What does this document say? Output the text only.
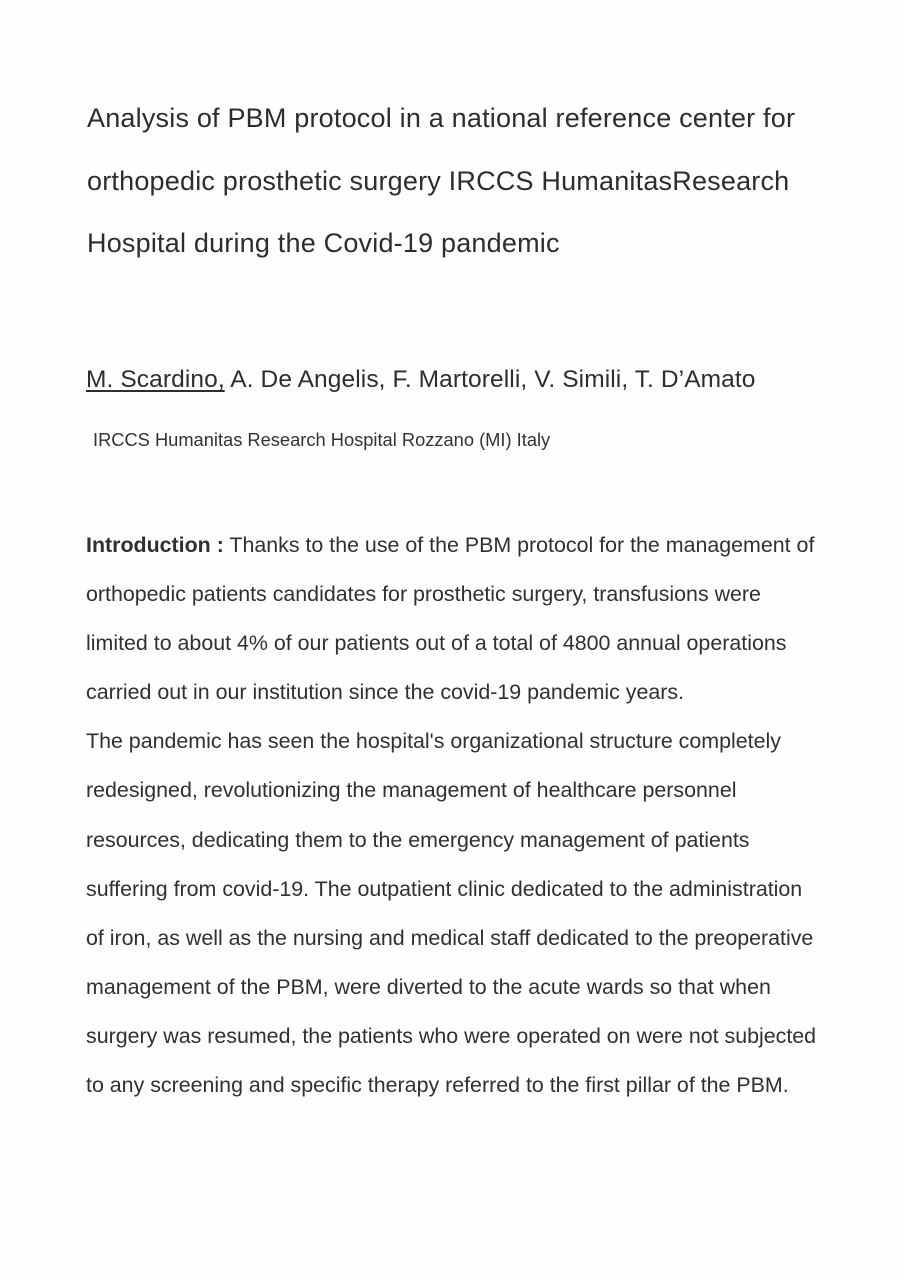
Analysis of PBM protocol in a national reference center for
orthopedic prosthetic surgery IRCCS HumanitasResearch
Hospital during the Covid-19 pandemic
M. Scardino, A. De Angelis, F. Martorelli, V. Simili, T. D’Amato
IRCCS Humanitas Research Hospital Rozzano (MI) Italy
Introduction : Thanks to the use of the PBM protocol for the management of
orthopedic patients candidates for prosthetic surgery, transfusions were
limited to about 4% of our patients out of a total of 4800 annual operations
carried out in our institution since the covid-19 pandemic years.
The pandemic has seen the hospital's organizational structure completely
redesigned, revolutionizing the management of healthcare personnel
resources, dedicating them to the emergency management of patients
suffering from covid-19. The outpatient clinic dedicated to the administration
of iron, as well as the nursing and medical staff dedicated to the preoperative
management of the PBM, were diverted to the acute wards so that when
surgery was resumed, the patients who were operated on were not subjected
to any screening and specific therapy referred to the first pillar of the PBM.
